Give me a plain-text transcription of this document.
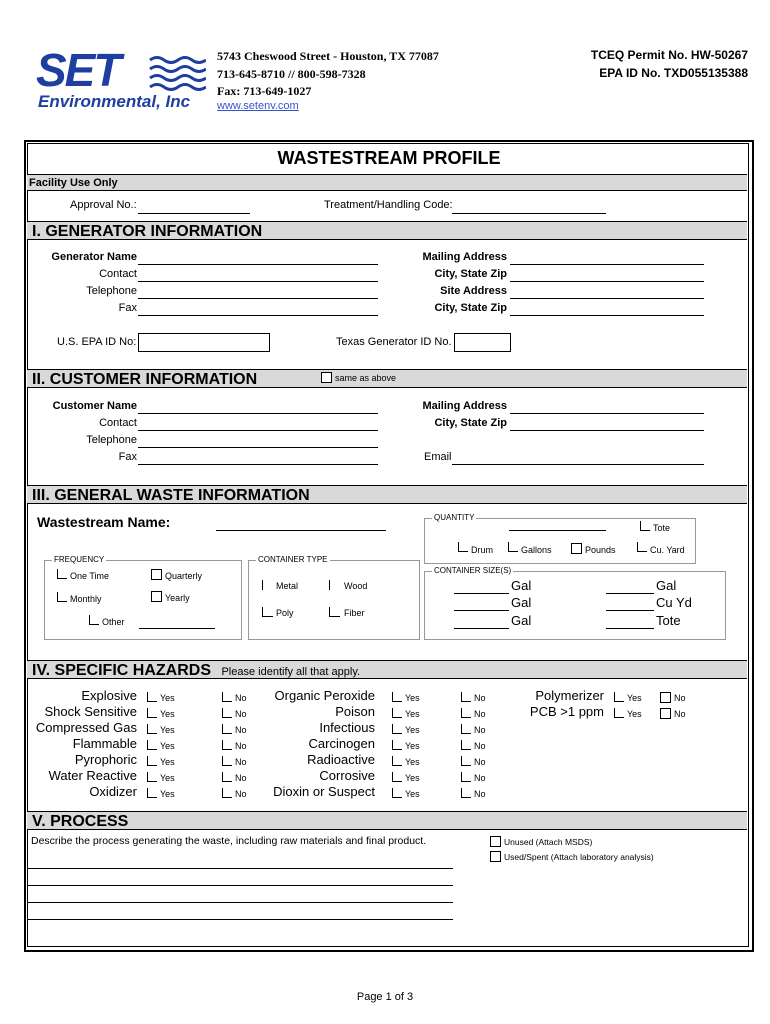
SET
Environmental, Inc
5743 Cheswood Street - Houston, TX 77087
713-645-8710 // 800-598-7328
Fax: 713-649-1027
www.setenv.com
TCEQ Permit No. HW-50267
EPA ID No. TXD055135388
WASTESTREAM PROFILE
Facility Use Only
Approval No.:	Treatment/Handling Code:
I. GENERATOR INFORMATION
Generator Name
Contact
Telephone
Fax
Mailing Address
City, State Zip
Site Address
City, State Zip
U.S. EPA ID No:	Texas Generator ID No.
II. CUSTOMER INFORMATION	same as above
Customer Name
Contact
Telephone
Fax
Mailing Address
City, State Zip
Email
III. GENERAL WASTE INFORMATION
Wastestream Name:	QUANTITY
Tote
Drum	Gallons	Pounds	Cu. Yard
FREQUENCY
One Time	Quarterly
Monthly	Yearly
Other
CONTAINER TYPE
Metal	Wood
Poly	Fiber
CONTAINER SIZE(S)
Gal
Gal
Gal
Gal
Cu Yd
Tote
IV. SPECIFIC HAZARDS Please identify all that apply.
Explosive	Yes	No
Shock Sensitive	Yes	No
Compressed Gas	Yes	No
Flammable	Yes	No
Pyrophoric	Yes	No
Water Reactive	Yes	No
Oxidizer	Yes	No
Organic Peroxide	Yes	No
Poison	Yes	No
Infectious	Yes	No
Carcinogen	Yes	No
Radioactive	Yes	No
Corrosive	Yes	No
Dioxin or Suspect	Yes	No
Polymerizer	Yes	No
PCB >1 ppm	Yes	No
V. PROCESS
Describe the process generating the waste, including raw materials and final product.	Unused (Attach MSDS)
Used/Spent (Attach laboratory analysis)
Page 1 of 3
